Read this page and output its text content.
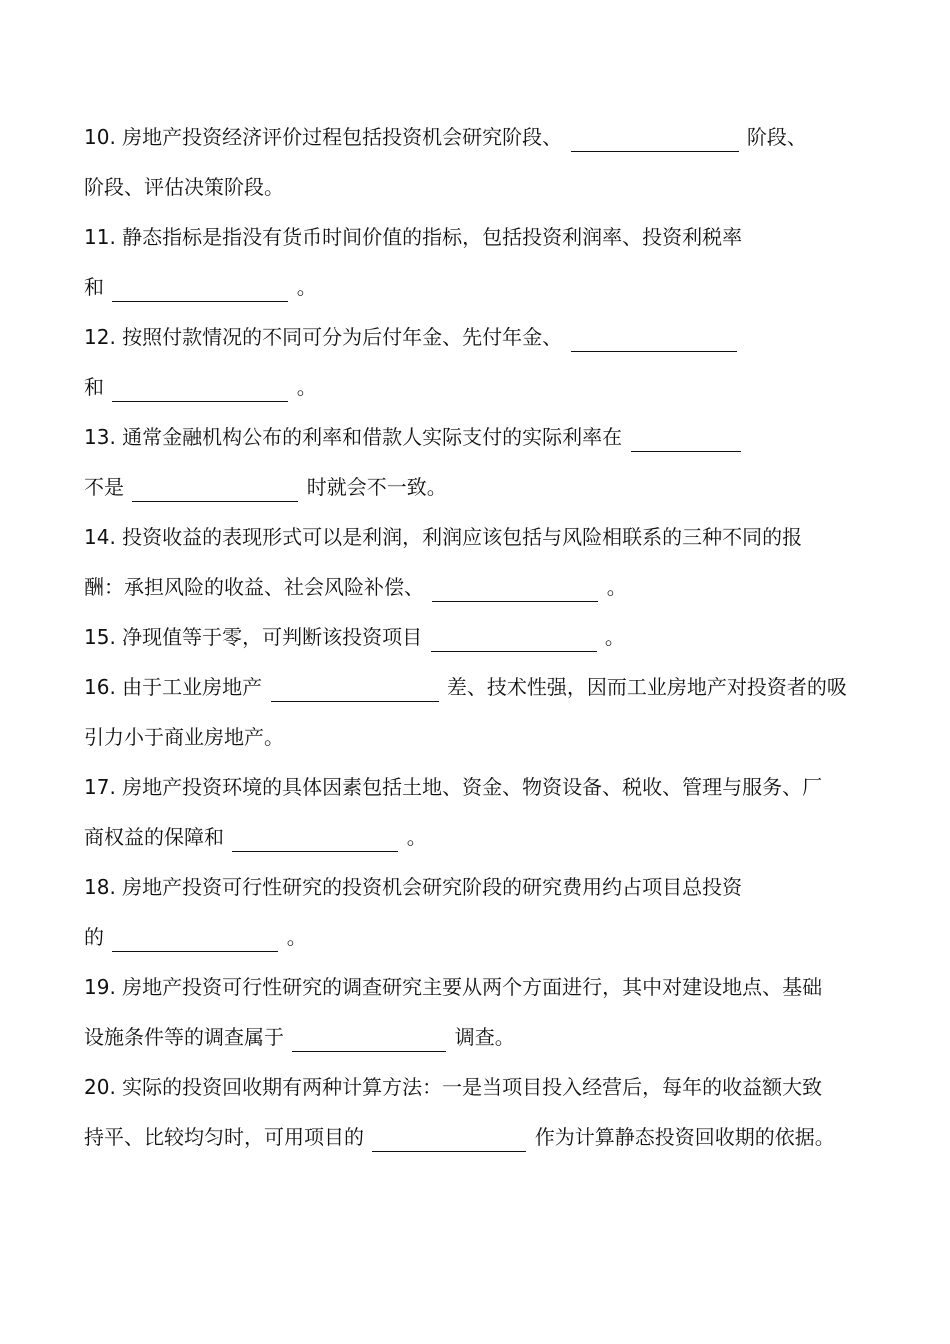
10. 房地产投资经济评价过程包括投资机会研究阶段、	阶段、
阶段、评估决策阶段。
11. 静态指标是指没有货币时间价值的指标，包括投资利润率、投资利税率
和	。
12. 按照付款情况的不同可分为后付年金、先付年金、
和	。
13. 通常金融机构公布的利率和借款人实际支付的实际利率在
不是	时就会不一致。
14. 投资收益的表现形式可以是利润，利润应该包括与风险相联系的三种不同的报
酬：承担风险的收益、社会风险补偿、	。
15. 净现值等于零，可判断该投资项目	。
16. 由于工业房地产	差、技术性强，因而工业房地产对投资者的吸
引力小于商业房地产。
17. 房地产投资环境的具体因素包括土地、资金、物资设备、税收、管理与服务、厂
商权益的保障和	。
18. 房地产投资可行性研究的投资机会研究阶段的研究费用约占项目总投资
的	。
19. 房地产投资可行性研究的调查研究主要从两个方面进行，其中对建设地点、基础
设施条件等的调查属于	调查。
20. 实际的投资回收期有两种计算方法：一是当项目投入经营后，每年的收益额大致
持平、比较均匀时，可用项目的	作为计算静态投资回收期的依据。
